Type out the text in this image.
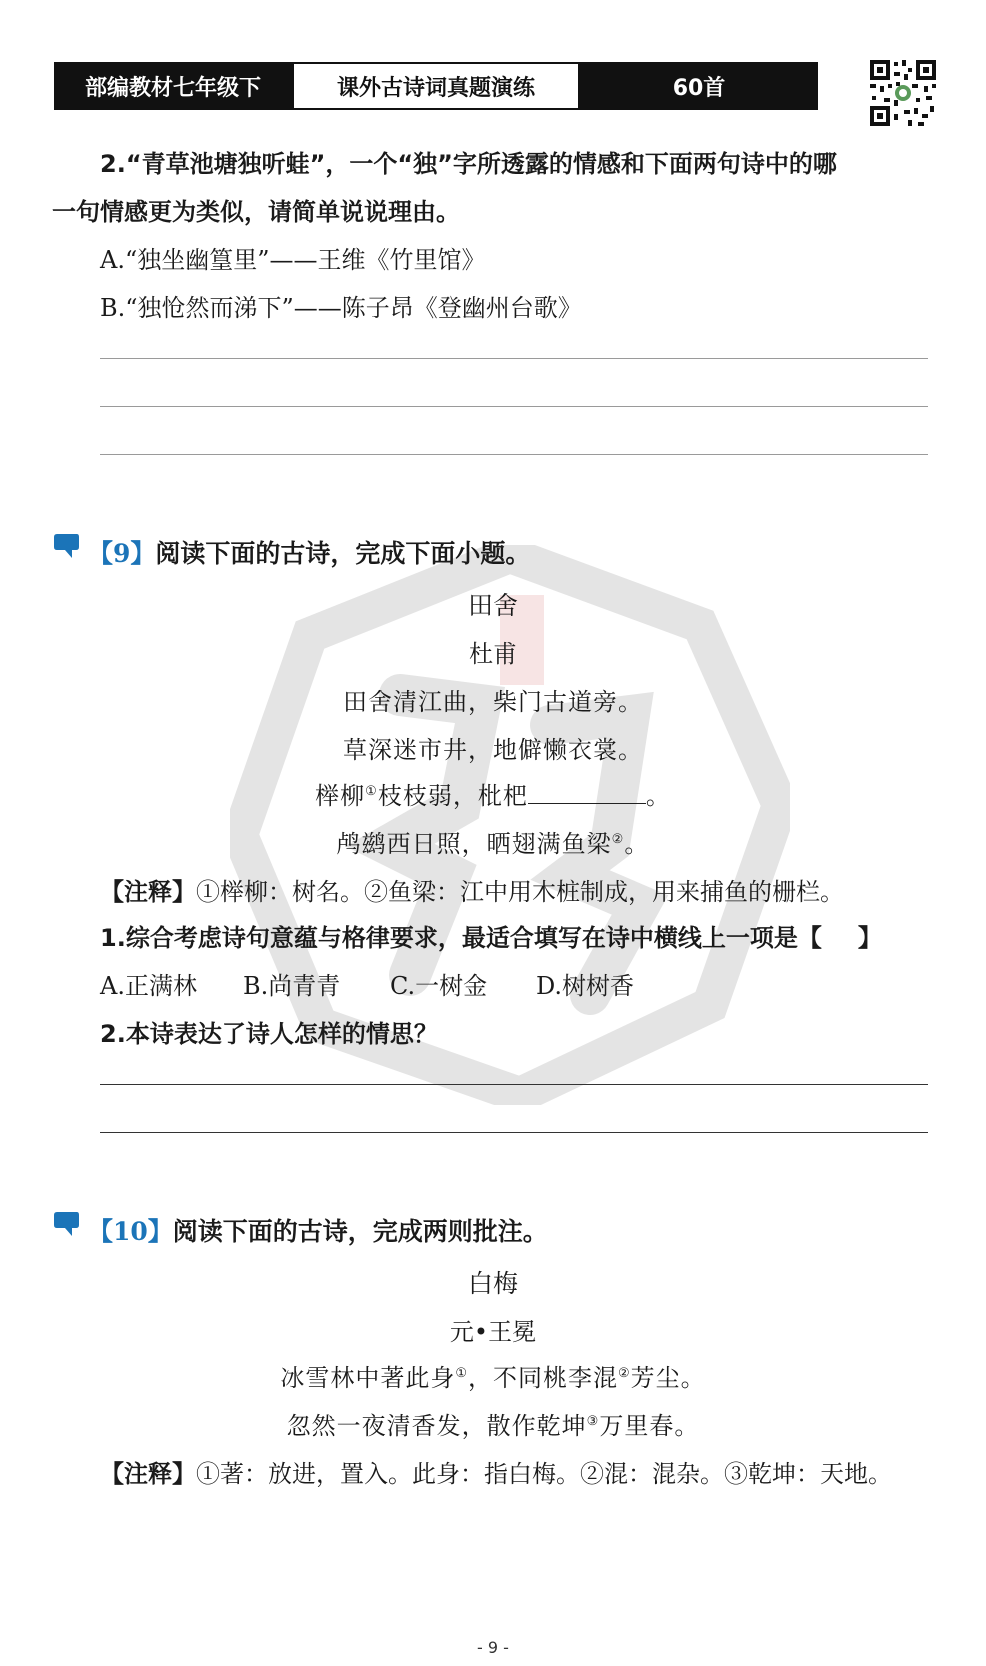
部编教材七年级下	课外古诗词真题演练	60首
2.“青草池塘独听蛙”，一个“独”字所透露的情感和下面两句诗中的哪
一句情感更为类似，请简单说说理由。
A.“独坐幽篁里”——王维《竹里馆》
B.“独怆然而涕下”——陈子昂《登幽州台歌》
【9】阅读下面的古诗，完成下面小题。
田舍
杜甫
田舍清江曲，柴门古道旁。
草深迷市井，地僻懒衣裳。
榉柳①枝枝弱，枇杷	。
鸬鹚西日照，晒翅满鱼梁②。
【注释】①榉柳：树名。②鱼梁：江中用木桩制成，用来捕鱼的栅栏。
1.综合考虑诗句意蕴与格律要求，最适合填写在诗中横线上一项是【 】
A.正满林 B.尚青青 C.一树金 D.树树香
2.本诗表达了诗人怎样的情思？
【10】阅读下面的古诗，完成两则批注。
白梅
元•王冕
冰雪林中著此身①，不同桃李混②芳尘。
忽然一夜清香发，散作乾坤③万里春。
【注释】①著：放进，置入。此身：指白梅。②混：混杂。③乾坤：天地。
- 9 -
